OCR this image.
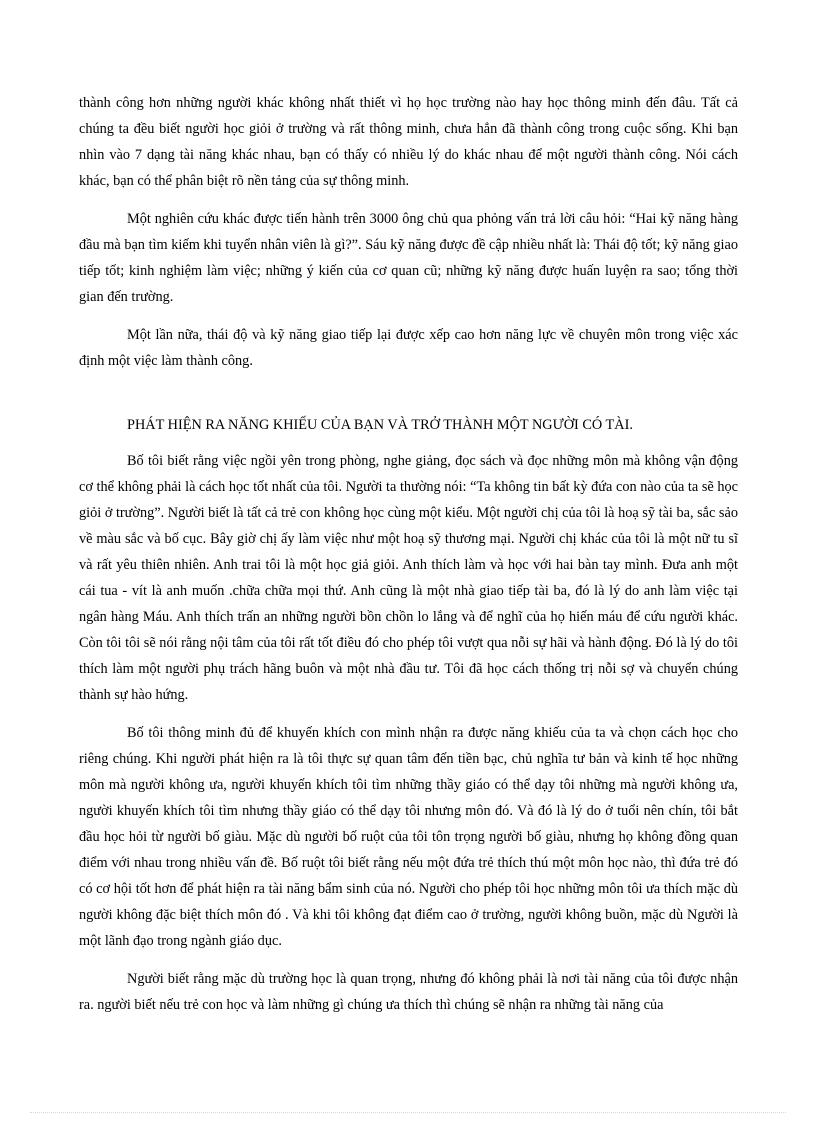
thành công hơn những người khác không nhất thiết vì họ học trường nào hay học thông minh đến đâu. Tất cả chúng ta đều biết người học giỏi ở trường và rất thông minh, chưa hẳn đã thành công trong cuộc sống. Khi bạn nhìn vào 7 dạng tài năng khác nhau, bạn có thấy có nhiều lý do khác nhau để một người thành công. Nói cách khác, bạn có thể phân biệt rõ nền tảng của sự thông minh.

Một nghiên cứu khác được tiến hành trên 3000 ông chủ qua phỏng vấn trả lời câu hỏi: “Hai kỹ năng hàng đầu mà bạn tìm kiếm khi tuyển nhân viên là gì?”. Sáu kỹ năng được đề cập nhiều nhất là: Thái độ tốt; kỹ năng giao tiếp tốt; kinh nghiệm làm việc; những ý kiến của cơ quan cũ; những kỹ năng được huấn luyện ra sao; tổng thời gian đến trường.

Một lần nữa, thái độ và kỹ năng giao tiếp lại được xếp cao hơn năng lực về chuyên môn trong việc xác định một việc làm thành công.

PHÁT HIỆN RA NĂNG KHIẾU CỦA BẠN VÀ TRỞ THÀNH MỘT NGƯỜI CÓ TÀI.

Bố tôi biết rằng việc ngồi yên trong phòng, nghe giảng, đọc sách và đọc những môn mà không vận động cơ thể không phải là cách học tốt nhất của tôi. Người ta thường nói: “Ta không tin bất kỳ đứa con nào của ta sẽ học giỏi ở trường”. Người biết là tất cả trẻ con không học cùng một kiểu. Một người chị của tôi là hoạ sỹ tài ba, sắc sảo về màu sắc và bố cục. Bây giờ chị ấy làm việc như một hoạ sỹ thương mại. Người chị khác của tôi là một nữ tu sĩ và rất yêu thiên nhiên. Anh trai tôi là một học giả giỏi. Anh thích làm và học với hai bàn tay mình. Đưa anh một cái tua - vít là anh muốn .chữa chữa mọi thứ. Anh cũng là một nhà giao tiếp tài ba, đó là lý do anh làm việc tại ngân hàng Máu. Anh thích trấn an những người bồn chồn lo lắng và để nghĩ của họ hiến máu để cứu người khác. Còn tôi tôi sẽ nói rằng nội tâm của tôi rất tốt điều đó cho phép tôi vượt qua nỗi sự hãi và hành động. Đó là lý do tôi thích làm một người phụ trách hãng buôn và một nhà đầu tư. Tôi đã học cách thống trị nỗi sợ và chuyển chúng thành sự hào hứng.

Bố tôi thông minh đủ để khuyến khích con mình nhận ra được năng khiếu của ta và chọn cách học cho riêng chúng. Khi người phát hiện ra là tôi thực sự quan tâm đến tiền bạc, chủ nghĩa tư bản và kinh tế học những môn mà người không ưa, người khuyến khích tôi tìm những thầy giáo có thể dạy tôi những mà người không ưa, người khuyến khích tôi tìm nhưng thầy giáo có thể dạy tôi nhưng môn đó. Và đó là lý do ở tuổi nên chín, tôi bắt đầu học hỏi từ người bố giàu. Mặc dù người bố ruột của tôi tôn trọng người bố giàu, nhưng họ không đồng quan điểm với nhau trong nhiều vấn đề. Bố ruột tôi biết rằng nếu một đứa trẻ thích thú một môn học nào, thì đứa trẻ đó có cơ hội tốt hơn để phát hiện ra tài năng bẩm sinh của nó. Người cho phép tôi học những môn tôi ưa thích mặc dù người không đặc biệt thích môn đó . Và khi tôi không đạt điểm cao ở trường, người không buồn, mặc dù Người là một lãnh đạo trong ngành giáo dục.

Người biết rằng mặc dù trường học là quan trọng, nhưng đó không phải là nơi tài năng của tôi được nhận ra. người biết nếu trẻ con học và làm những gì chúng ưa thích thì chúng sẽ nhận ra những tài năng của
